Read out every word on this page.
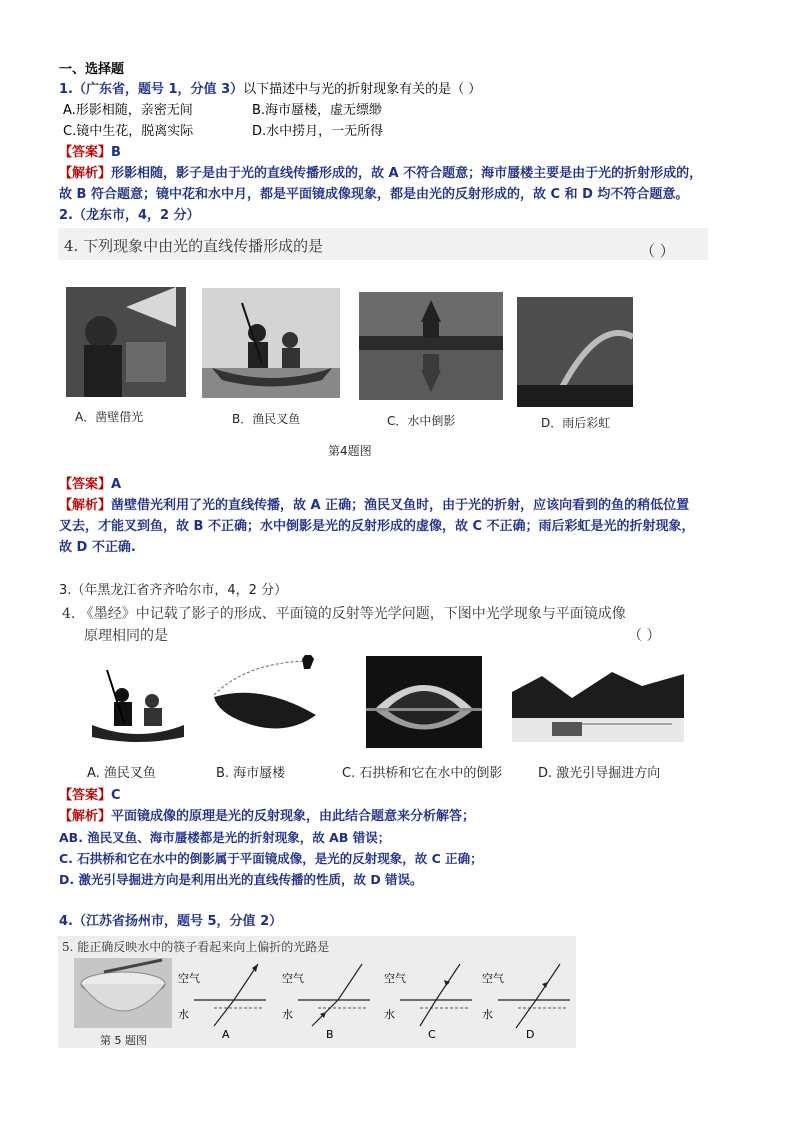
一、选择题
1.（广东省，题号 1，分值 3）以下描述中与光的折射现象有关的是（ ）
A.形影相随，亲密无间	B.海市蜃楼，虚无缥缈
C.镜中生花，脱离实际	D.水中捞月，一无所得
【答案】B
【解析】形影相随，影子是由于光的直线传播形成的，故 A 不符合题意；海市蜃楼主要是由于光的折射形成的，
故 B 符合题意；镜中花和水中月，都是平面镜成像现象，都是由光的反射形成的，故 C 和 D 均不符合题意。
2.（龙东市，4，2 分）
4. 下列现象中由光的直线传播形成的是	（ ）
A．凿壁借光	B．渔民叉鱼	C．水中倒影	D．雨后彩虹
第4题图
【答案】A
【解析】凿壁借光利用了光的直线传播，故 A 正确；渔民叉鱼时，由于光的折射，应该向看到的鱼的稍低位置
叉去，才能叉到鱼，故 B 不正确；水中倒影是光的反射形成的虚像，故 C 不正确；雨后彩虹是光的折射现象，
故 D 不正确.
3.（年黑龙江省齐齐哈尔市，4，2 分）
4. 《墨经》中记载了影子的形成、平面镜的反射等光学问题，下图中光学现象与平面镜成像
原理相同的是	（ ）
A. 渔民叉鱼	B. 海市蜃楼	C. 石拱桥和它在水中的倒影	D. 激光引导掘进方向
【答案】C
【解析】平面镜成像的原理是光的反射现象，由此结合题意来分析解答；
AB. 渔民叉鱼、海市蜃楼都是光的折射现象，故 AB 错误；
C. 石拱桥和它在水中的倒影属于平面镜成像，是光的反射现象，故 C 正确；
D. 激光引导掘进方向是利用出光的直线传播的性质，故 D 错误。
4.（江苏省扬州市，题号 5，分值 2）
5. 能正确反映水中的筷子看起来向上偏折的光路是
第 5 题图
空气
水
A
空气
水
B
空气
水
C
空气
水
D
